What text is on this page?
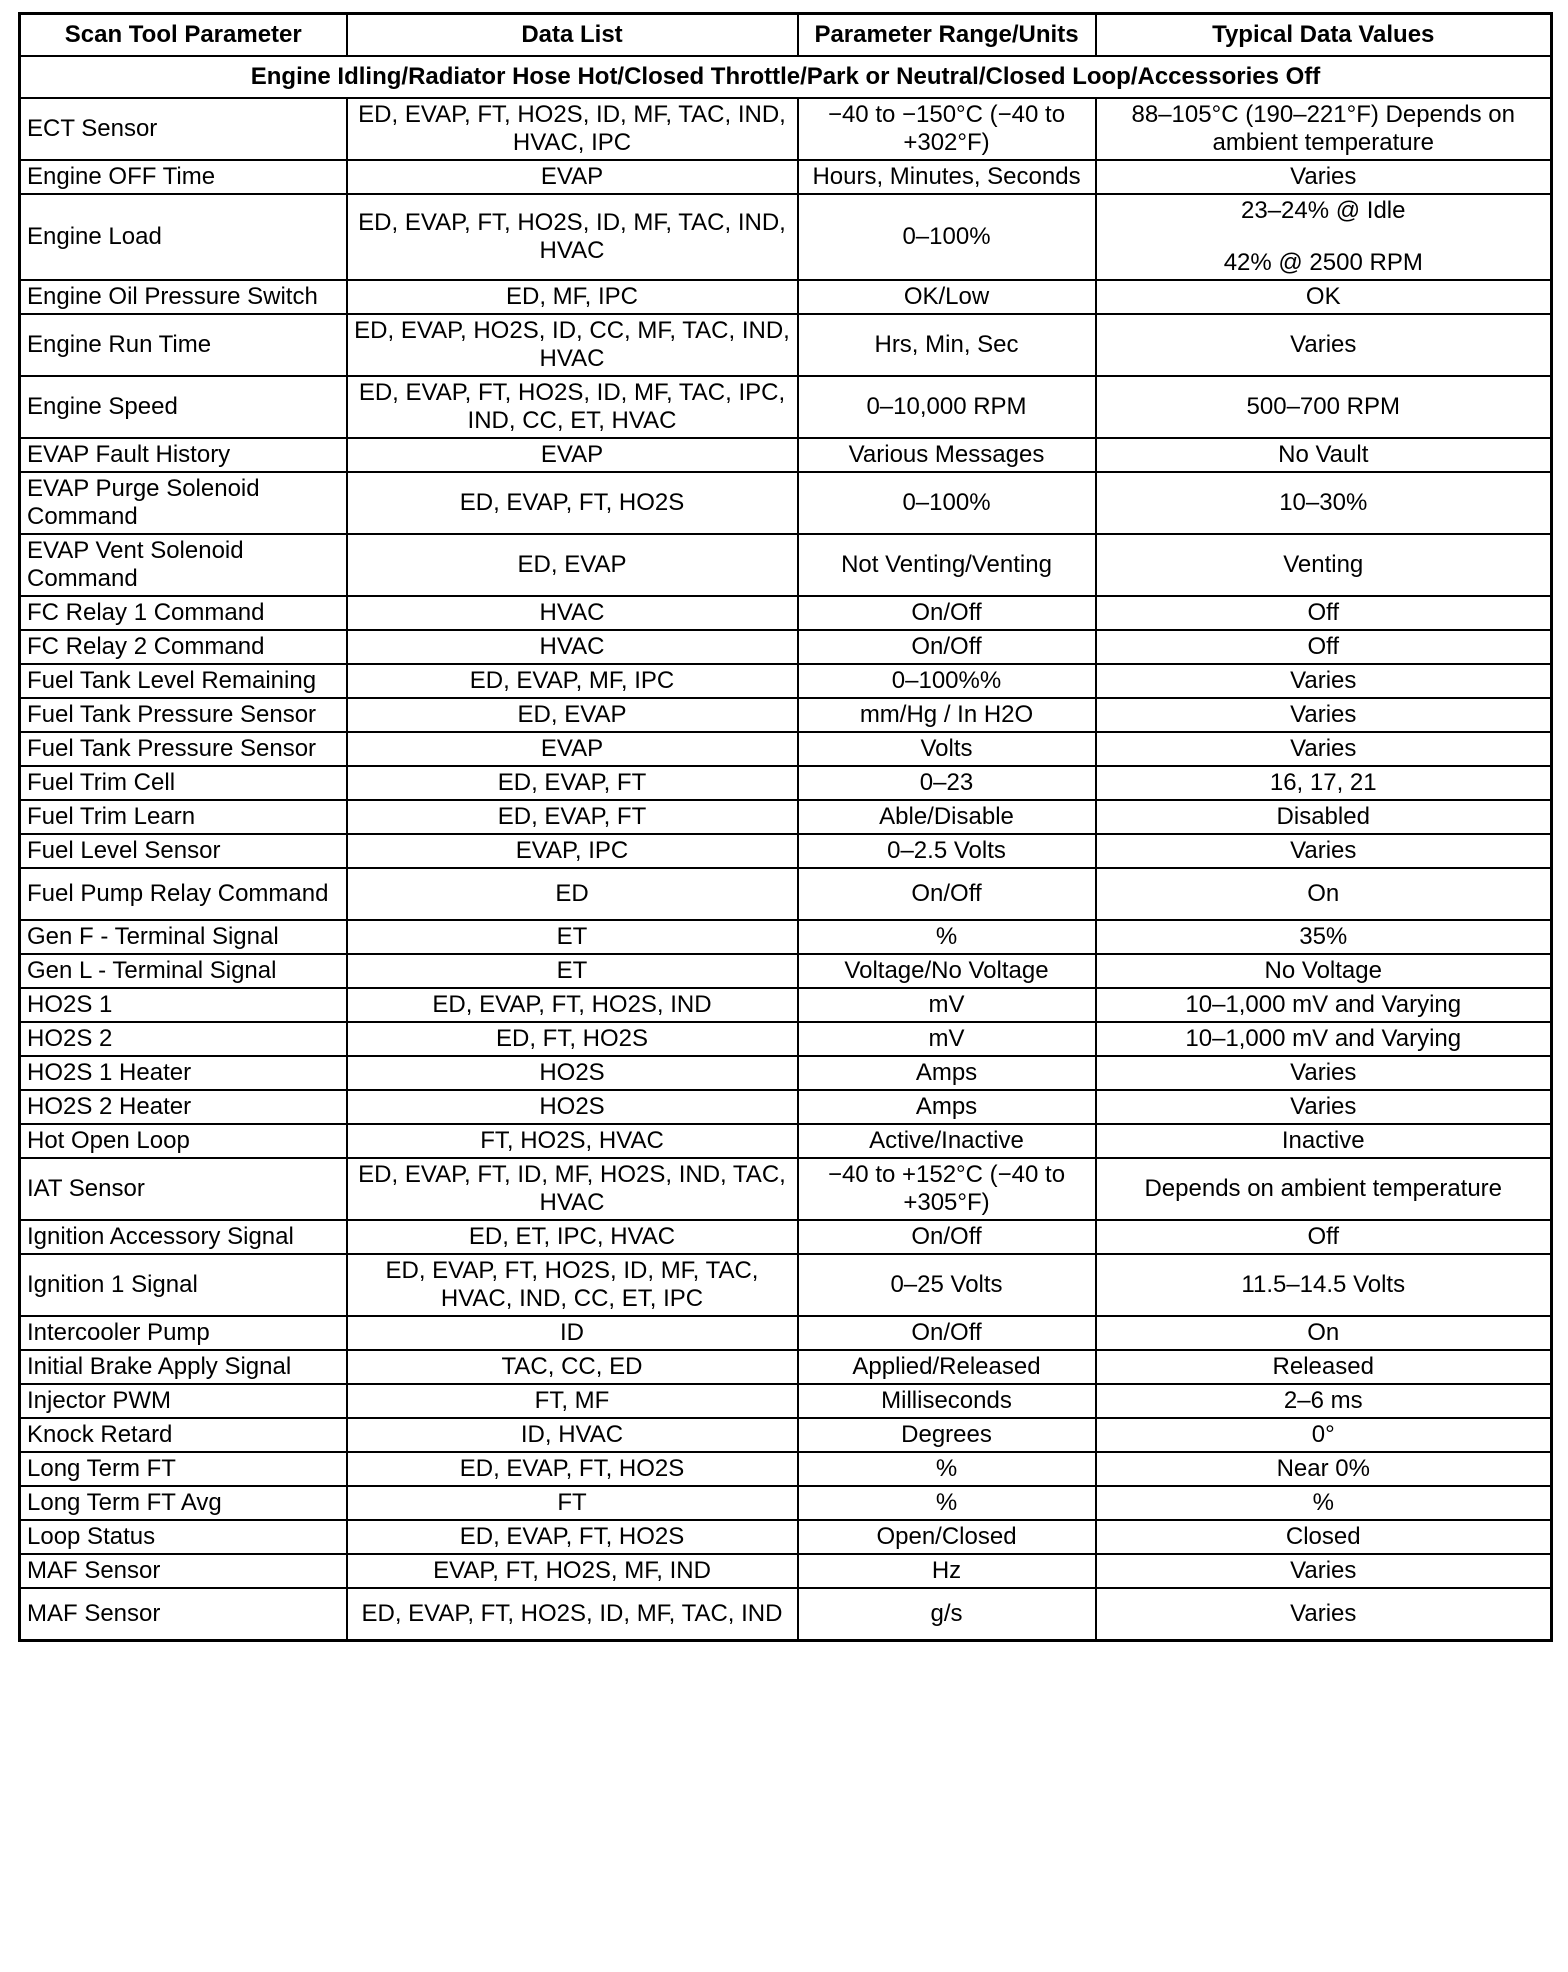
Scan Tool Parameter	Data List	Parameter Range/Units	Typical Data Values
Engine Idling/Radiator Hose Hot/Closed Throttle/Park or Neutral/Closed Loop/Accessories Off			
ECT Sensor	ED, EVAP, FT, HO2S, ID, MF, TAC, IND, HVAC, IPC	−40 to −150°C (−40 to +302°F)	88–105°C (190–221°F) Depends on ambient temperature
Engine OFF Time	EVAP	Hours, Minutes, Seconds	Varies
Engine Load	ED, EVAP, FT, HO2S, ID, MF, TAC, IND, HVAC	0–100%	23–24% @ Idle
42% @ 2500 RPM

Engine Oil Pressure Switch	ED, MF, IPC	OK/Low	OK
Engine Run Time	ED, EVAP, HO2S, ID, CC, MF, TAC, IND, HVAC	Hrs, Min, Sec	Varies
Engine Speed	ED, EVAP, FT, HO2S, ID, MF, TAC, IPC, IND, CC, ET, HVAC	0–10,000 RPM	500–700 RPM
EVAP Fault History	EVAP	Various Messages	No Vault
EVAP Purge Solenoid Command	ED, EVAP, FT, HO2S	0–100%	10–30%
EVAP Vent Solenoid Command	ED, EVAP	Not Venting/Venting	Venting
FC Relay 1 Command	HVAC	On/Off	Off
FC Relay 2 Command	HVAC	On/Off	Off
Fuel Tank Level Remaining	ED, EVAP, MF, IPC	0–100%%	Varies
Fuel Tank Pressure Sensor	ED, EVAP	mm/Hg / In H2O	Varies
Fuel Tank Pressure Sensor	EVAP	Volts	Varies
Fuel Trim Cell	ED, EVAP, FT	0–23	16, 17, 21
Fuel Trim Learn	ED, EVAP, FT	Able/Disable	Disabled
Fuel Level Sensor	EVAP, IPC	0–2.5 Volts	Varies
Fuel Pump Relay Command	ED	On/Off	On
Gen F - Terminal Signal	ET	%	35%
Gen L - Terminal Signal	ET	Voltage/No Voltage	No Voltage
HO2S 1	ED, EVAP, FT, HO2S, IND	mV	10–1,000 mV and Varying
HO2S 2	ED, FT, HO2S	mV	10–1,000 mV and Varying
HO2S 1 Heater	HO2S	Amps	Varies
HO2S 2 Heater	HO2S	Amps	Varies
Hot Open Loop	FT, HO2S, HVAC	Active/Inactive	Inactive
IAT Sensor	ED, EVAP, FT, ID, MF, HO2S, IND, TAC, HVAC	−40 to +152°C (−40 to +305°F)	Depends on ambient temperature
Ignition Accessory Signal	ED, ET, IPC, HVAC	On/Off	Off
Ignition 1 Signal	ED, EVAP, FT, HO2S, ID, MF, TAC, HVAC, IND, CC, ET, IPC	0–25 Volts	11.5–14.5 Volts
Intercooler Pump	ID	On/Off	On
Initial Brake Apply Signal	TAC, CC, ED	Applied/Released	Released
Injector PWM	FT, MF	Milliseconds	2–6 ms
Knock Retard	ID, HVAC	Degrees	0°
Long Term FT	ED, EVAP, FT, HO2S	%	Near 0%
Long Term FT Avg	FT	%	%
Loop Status	ED, EVAP, FT, HO2S	Open/Closed	Closed
MAF Sensor	EVAP, FT, HO2S, MF, IND	Hz	Varies
MAF Sensor	ED, EVAP, FT, HO2S, ID, MF, TAC, IND	g/s	Varies
